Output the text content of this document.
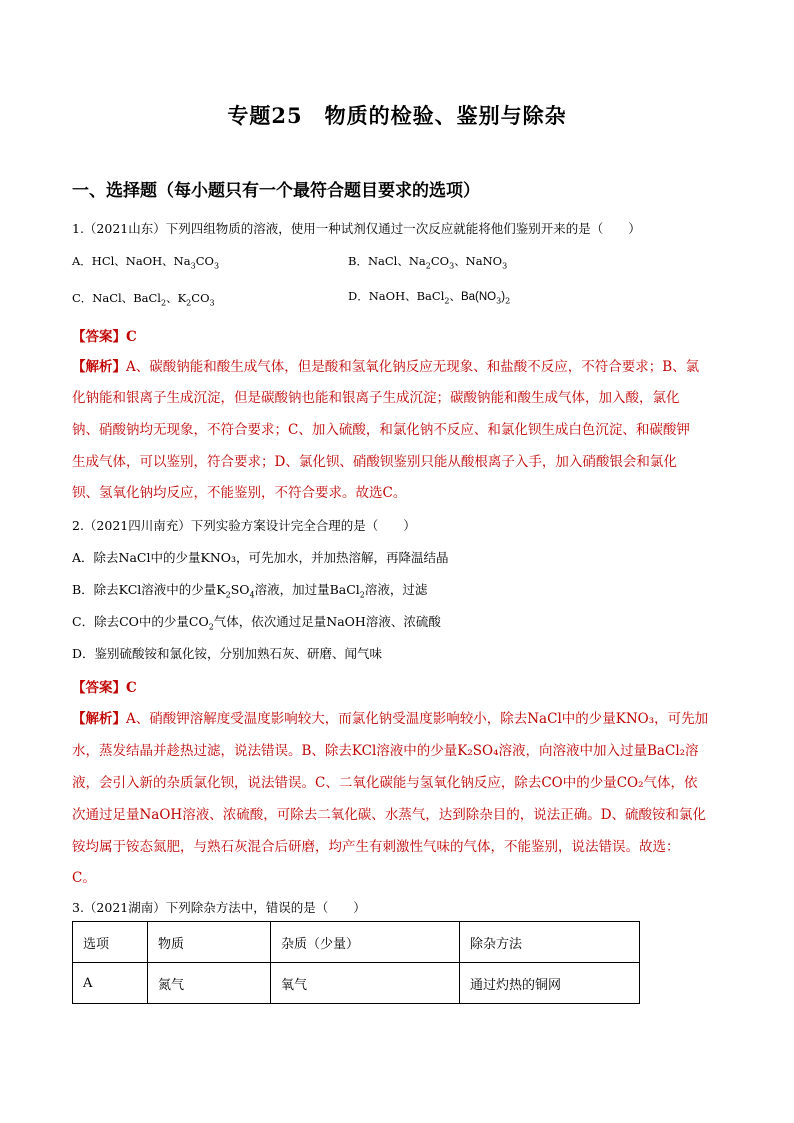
专题25　物质的检验、鉴别与除杂
一、选择题（每小题只有一个最符合题目要求的选项）
1.（2021山东）下列四组物质的溶液，使用一种试剂仅通过一次反应就能将他们鉴别开来的是（　　）
A．HCl、NaOH、$Na_3CO_3$	B．NaCl、$Na_2CO_3$、NaNO$_3$
C．NaCl、BaCl$_2$、$K_2CO_3$	D．NaOH、BaCl$_2$、$Ba(NO_3)_2$
【答案】C
【解析】A、碳酸钠能和酸生成气体，但是酸和氢氧化钠反应无现象、和盐酸不反应，不符合要求；B、氯
化钠能和银离子生成沉淀，但是碳酸钠也能和银离子生成沉淀；碳酸钠能和酸生成气体，加入酸，氯化
钠、硝酸钠均无现象，不符合要求；C、加入硫酸，和氯化钠不反应、和氯化钡生成白色沉淀、和碳酸钾
生成气体，可以鉴别，符合要求；D、氯化钡、硝酸钡鉴别只能从酸根离子入手，加入硝酸银会和氯化
钡、氢氧化钠均反应，不能鉴别，不符合要求。故选C。
2.（2021四川南充）下列实验方案设计完全合理的是（　　）
A．除去NaCl中的少量KNO₃，可先加水，并加热溶解，再降温结晶
B．除去KCl溶液中的少量$K_2SO_4$溶液，加过量BaCl$_2$溶液，过滤
C．除去CO中的少量$CO_2$气体，依次通过足量NaOH溶液、浓硫酸
D．鉴别硫酸铵和氯化铵，分别加熟石灰、研磨、闻气味
【答案】C
【解析】A、硝酸钾溶解度受温度影响较大，而氯化钠受温度影响较小，除去NaCl中的少量KNO₃，可先加
水，蒸发结晶并趁热过滤，说法错误。B、除去KCl溶液中的少量K₂SO₄溶液，向溶液中加入过量BaCl₂溶
液，会引入新的杂质氯化钡，说法错误。C、二氧化碳能与氢氧化钠反应，除去CO中的少量CO₂气体，依
次通过足量NaOH溶液、浓硫酸，可除去二氧化碳、水蒸气，达到除杂目的，说法正确。D、硫酸铵和氯化
铵均属于铵态氮肥，与熟石灰混合后研磨，均产生有刺激性气味的气体，不能鉴别，说法错误。故选：
C。
3.（2021湖南）下列除杂方法中，错误的是（　　）
选项	物质	杂质（少量）	除杂方法
A	氮气	氧气	通过灼热的铜网
